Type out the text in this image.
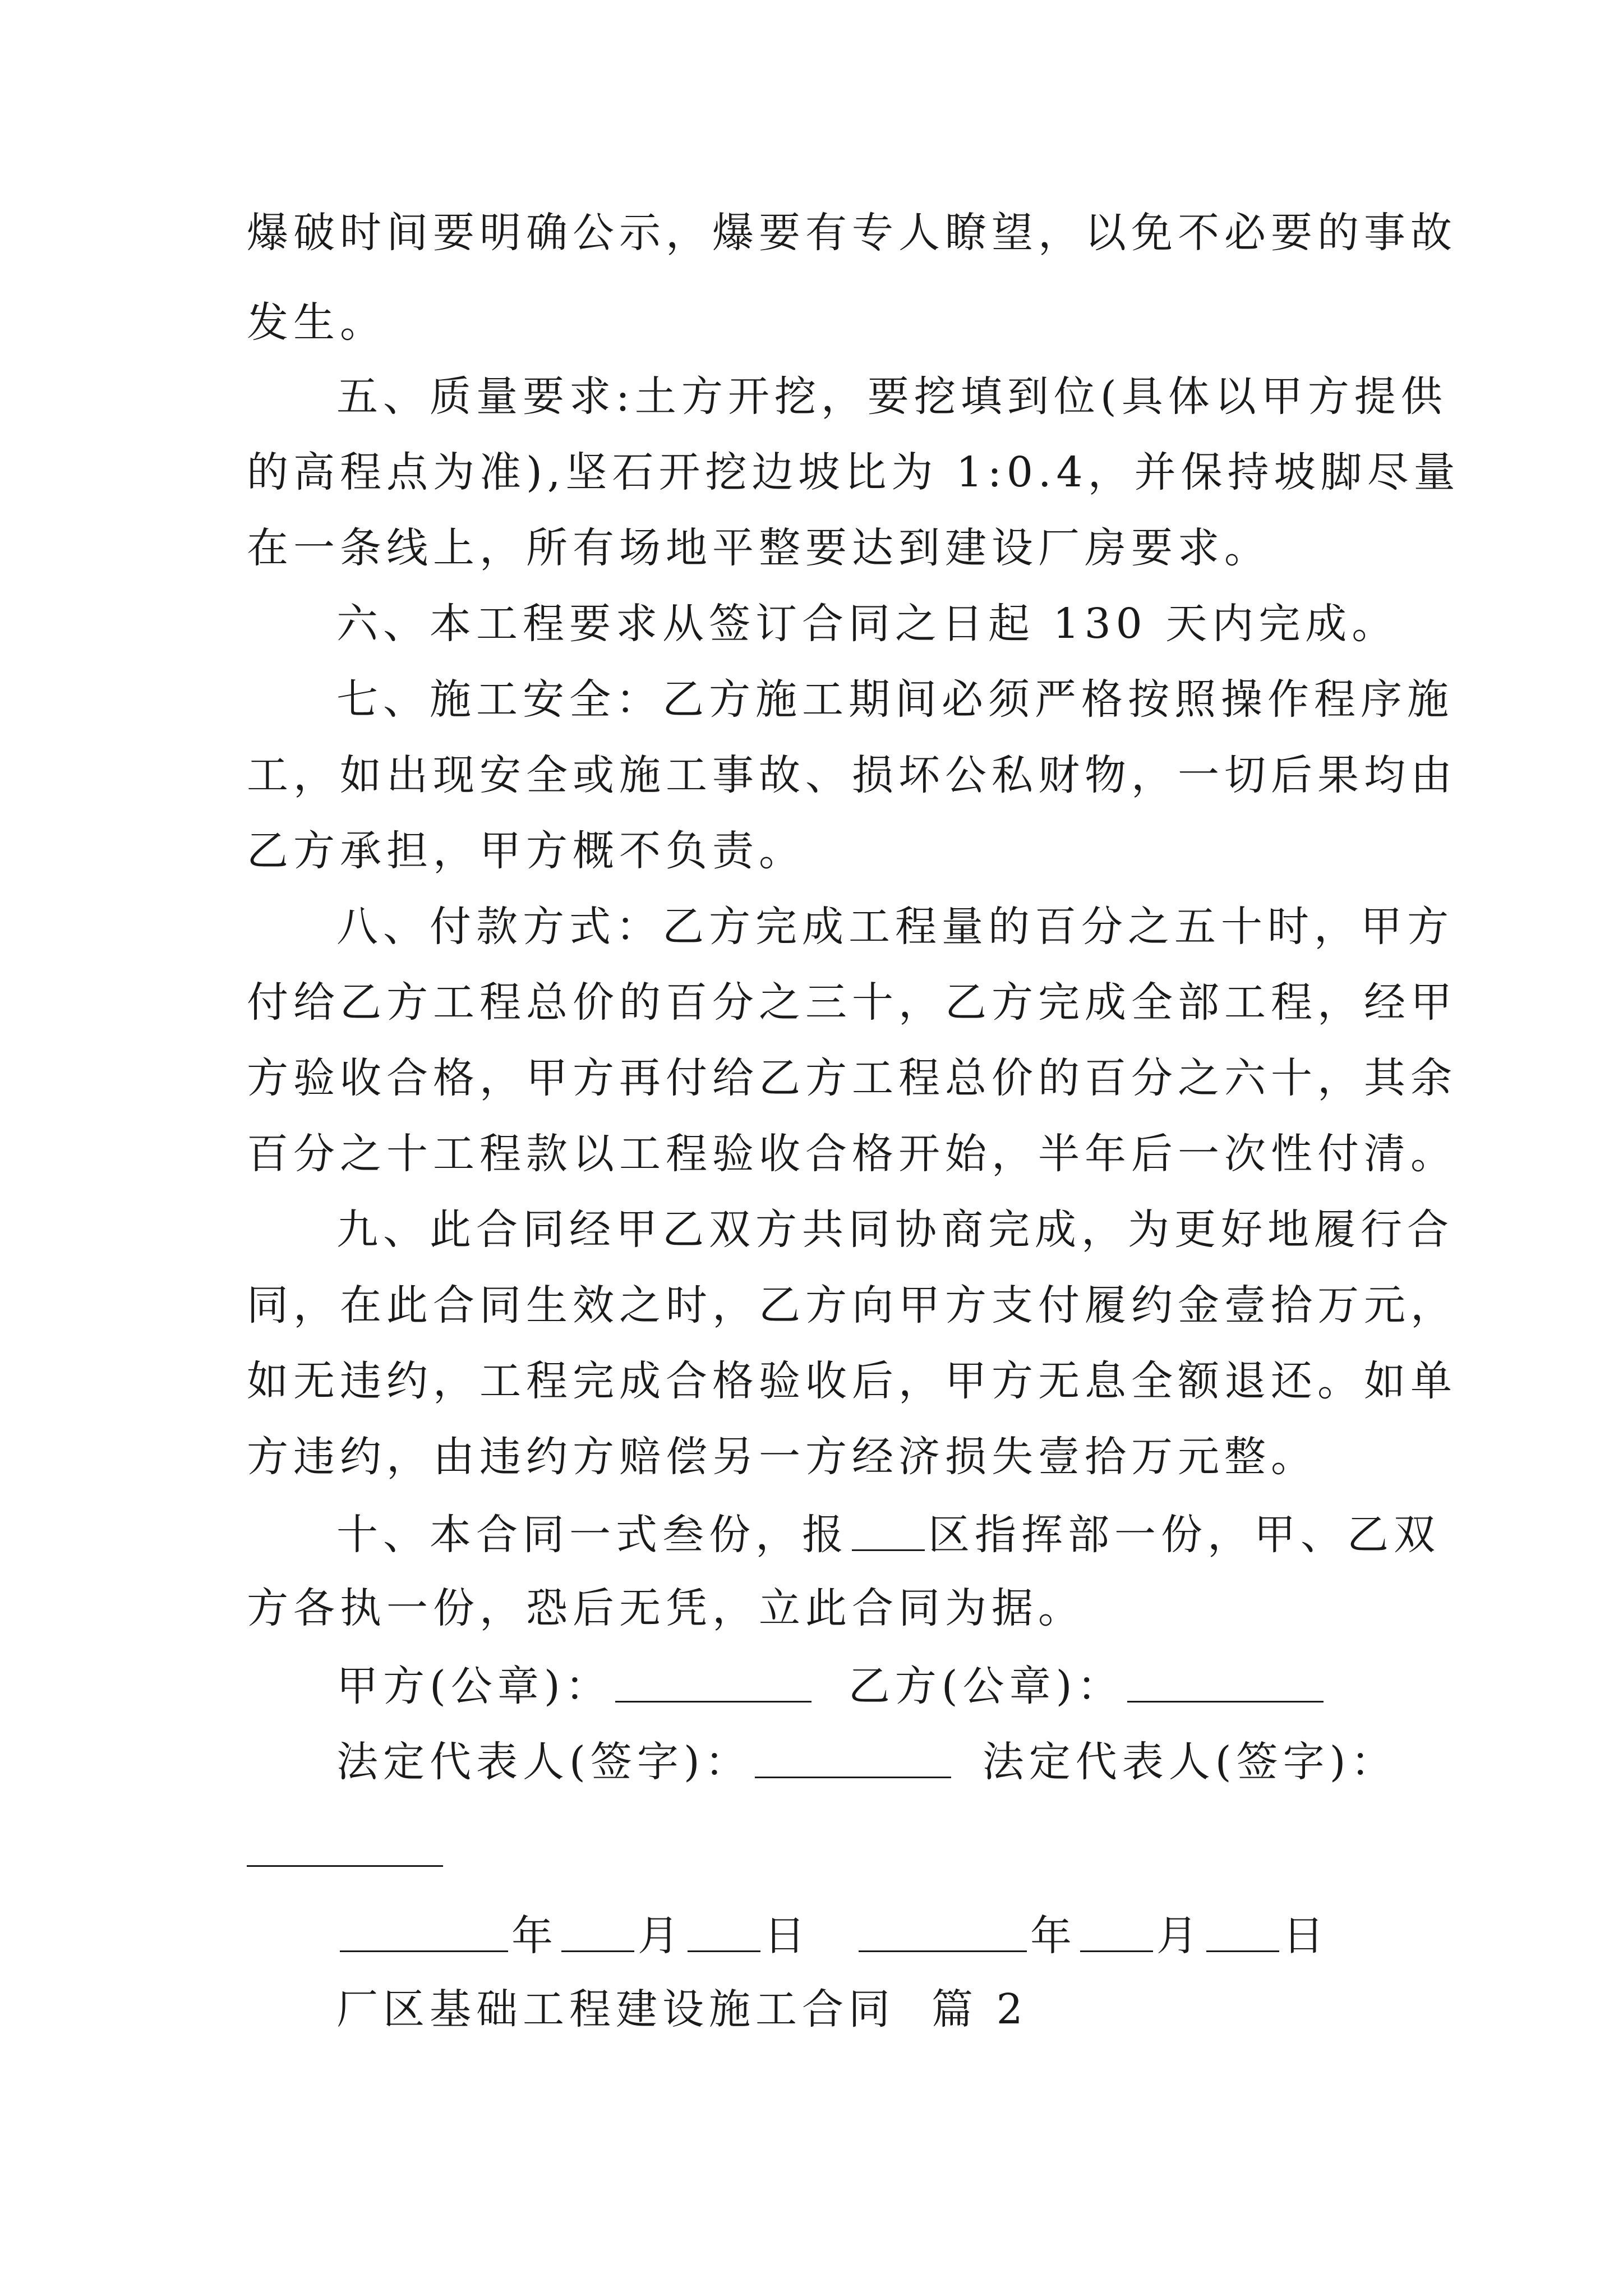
爆破时间要明确公示，爆要有专人瞭望，以免不必要的事故
发生。
五、质量要求:土方开挖，要挖填到位(具体以甲方提供
的高程点为准),坚石开挖边坡比为 1:0.4，并保持坡脚尽量
在一条线上，所有场地平整要达到建设厂房要求。
六、本工程要求从签订合同之日起 130 天内完成。
七、施工安全：乙方施工期间必须严格按照操作程序施
工，如出现安全或施工事故、损坏公私财物，一切后果均由
乙方承担，甲方概不负责。
八、付款方式：乙方完成工程量的百分之五十时，甲方
付给乙方工程总价的百分之三十，乙方完成全部工程，经甲
方验收合格，甲方再付给乙方工程总价的百分之六十，其余
百分之十工程款以工程验收合格开始，半年后一次性付清。
九、此合同经甲乙双方共同协商完成，为更好地履行合
同，在此合同生效之时，乙方向甲方支付履约金壹拾万元，
如无违约，工程完成合格验收后，甲方无息全额退还。如单
方违约，由违约方赔偿另一方经济损失壹拾万元整。
十、本合同一式叁份，报 区指挥部一份，甲、乙双
方各执一份，恐后无凭，立此合同为据。
甲方(公章)：	乙方(公章)：
法定代表人(签字)：	法定代表人(签字)：
年 月 日	年 月 日
厂区基础工程建设施工合同  篇 2
